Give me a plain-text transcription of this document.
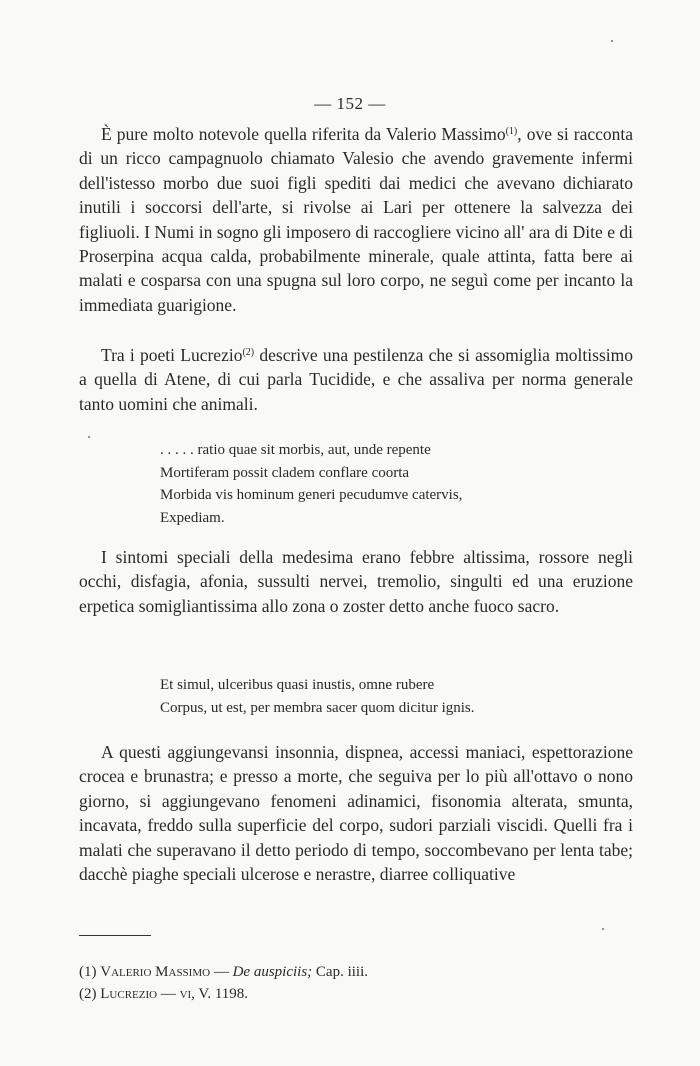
— 152 —

È pure molto notevole quella riferita da Valerio Massimo$^{(1)}$, ove si racconta di un ricco campagnuolo chiamato Valesio che avendo gravemente infermi dell'istesso morbo due suoi figli spediti dai medici che avevano dichiarato inutili i soccorsi dell'arte, si rivolse ai Lari per ottenere la salvezza dei figliuoli. I Numi in sogno gli imposero di raccogliere vicino all' ara di Dite e di Proserpina acqua calda, probabilmente minerale, quale attinta, fatta bere ai malati e cosparsa con una spugna sul loro corpo, ne seguì come per incanto la immediata guarigione.

Tra i poeti Lucrezio$^{(2)}$ descrive una pestilenza che si assomiglia moltissimo a quella di Atene, di cui parla Tucidide, e che assaliva per norma generale tanto uomini che animali.

. . . . . ratio quae sit morbis, aut, unde repente

Mortiferam possit cladem conflare coorta

Morbida vis hominum generi pecudumve catervis,

Expediam.

I sintomi speciali della medesima erano febbre altissima, rossore negli occhi, disfagia, afonia, sussulti nervei, tremolio, singulti ed una eruzione erpetica somigliantissima allo zona o zoster detto anche fuoco sacro.

Et simul, ulceribus quasi inustis, omne rubere

Corpus, ut est, per membra sacer quom dicitur ignis.

A questi aggiungevansi insonnia, dispnea, accessi maniaci, espettorazione crocea e brunastra; e presso a morte, che seguiva per lo più all'ottavo o nono giorno, si aggiungevano fenomeni adinamici, fisonomia alterata, smunta, incavata, freddo sulla superficie del corpo, sudori parziali viscidi. Quelli fra i malati che superavano il detto periodo di tempo, soccombevano per lenta tabe; dacchè piaghe speciali ulcerose e nerastre, diarree colliquative

(1) Valerio Massimo — De auspiciis; Cap. iiii.

(2) Lucrezio — vi, V. 1198.
